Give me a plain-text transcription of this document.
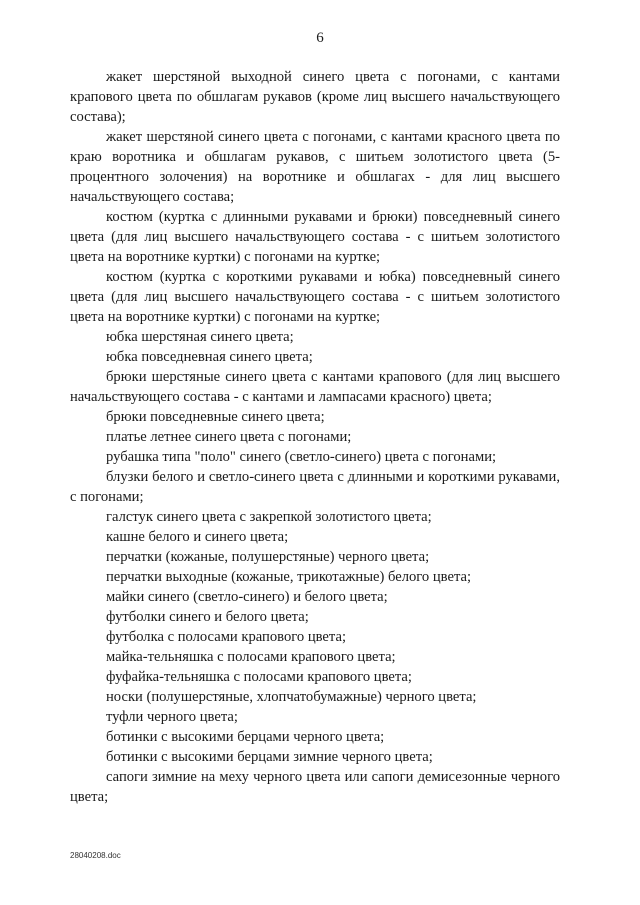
6

жакет шерстяной выходной синего цвета с погонами, с кантами крапового цвета по обшлагам рукавов (кроме лиц высшего начальствующего состава);

жакет шерстяной синего цвета с погонами, с кантами красного цвета по краю воротника и обшлагам рукавов, с шитьем золотистого цвета (5-процентного золочения) на воротнике и обшлагах - для лиц высшего начальствующего состава;

костюм (куртка с длинными рукавами и брюки) повседневный синего цвета (для лиц высшего начальствующего состава - с шитьем золотистого цвета на воротнике куртки) с погонами на куртке;

костюм (куртка с короткими рукавами и юбка) повседневный синего цвета (для лиц высшего начальствующего состава - с шитьем золотистого цвета на воротнике куртки) с погонами на куртке;

юбка шерстяная синего цвета;

юбка повседневная синего цвета;

брюки шерстяные синего цвета с кантами крапового (для лиц высшего начальствующего состава - с кантами и лампасами красного) цвета;

брюки повседневные синего цвета;

платье летнее синего цвета с погонами;

рубашка типа "поло" синего (светло-синего) цвета с погонами;

блузки белого и светло-синего цвета с длинными и короткими рукавами, с погонами;

галстук синего цвета с закрепкой золотистого цвета;

кашне белого и синего цвета;

перчатки (кожаные, полушерстяные) черного цвета;

перчатки выходные (кожаные, трикотажные) белого цвета;

майки синего (светло-синего) и белого цвета;

футболки синего и белого цвета;

футболка с полосами крапового цвета;

майка-тельняшка с полосами крапового цвета;

фуфайка-тельняшка с полосами крапового цвета;

носки (полушерстяные, хлопчатобумажные) черного цвета;

туфли черного цвета;

ботинки с высокими берцами черного цвета;

ботинки с высокими берцами зимние черного цвета;

сапоги зимние на меху черного цвета или сапоги демисезонные черного цвета;

28040208.doc
